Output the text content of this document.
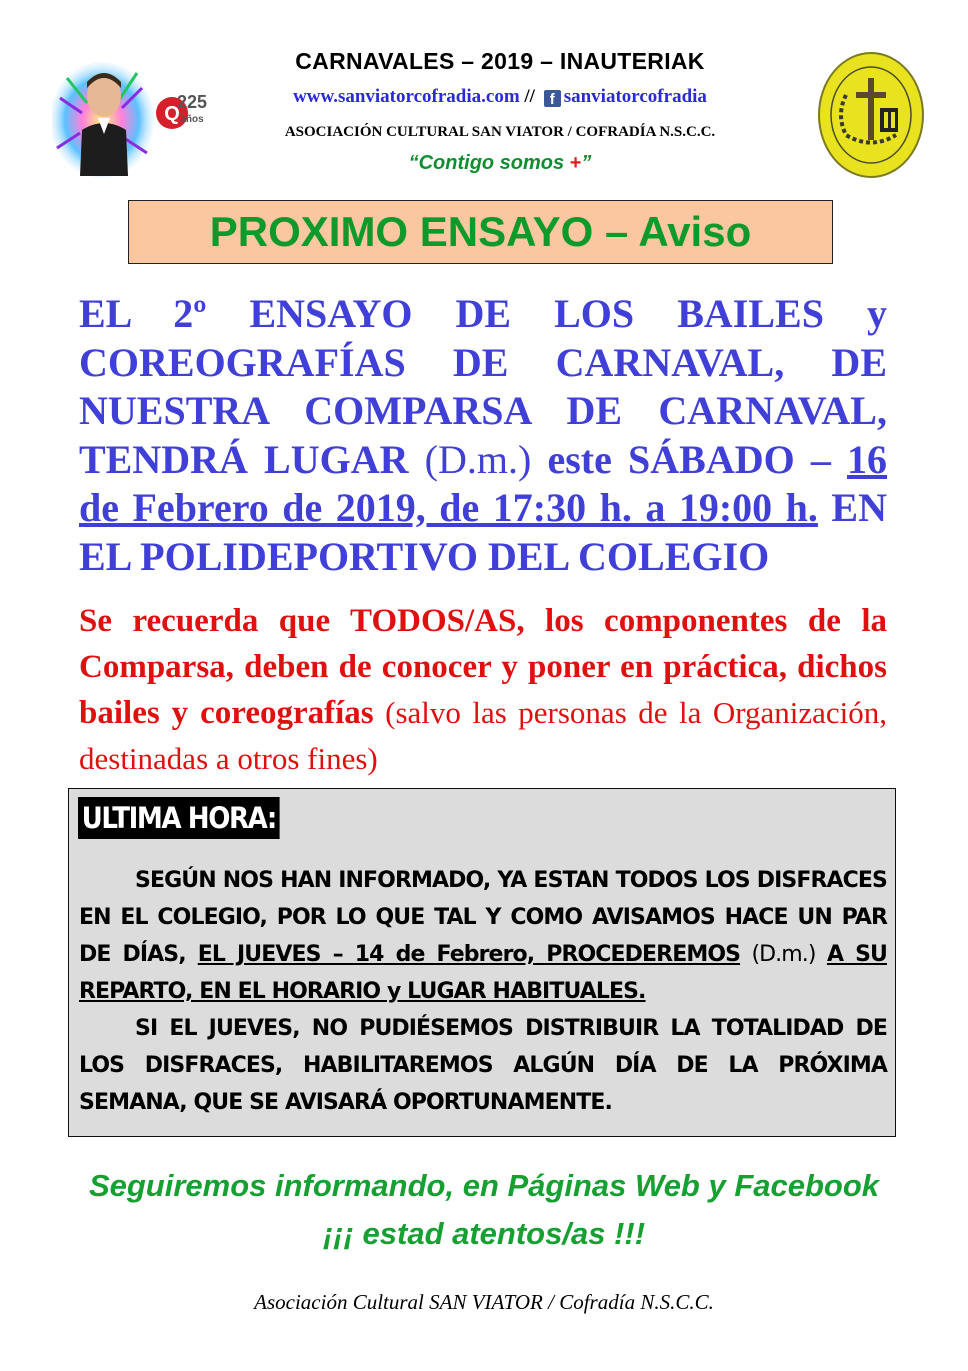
Q
225
años
CARNAVALES – 2019 – INAUTERIAK
www.sanviatorcofradia.com // f sanviatorcofradia
ASOCIACIÓN CULTURAL SAN VIATOR / COFRADÍA N.S.C.C.
“Contigo somos +”
PROXIMO ENSAYO – Aviso
EL 2º ENSAYO DE LOS BAILES y COREOGRAFÍAS DE CARNAVAL, DE NUESTRA COMPARSA DE CARNAVAL, TENDRÁ LUGAR (D.m.) este SÁBADO – 16 de Febrero de 2019, de 17:30 h. a 19:00 h. EN EL POLIDEPORTIVO DEL COLEGIO
Se recuerda que TODOS/AS, los componentes de la Comparsa, deben de conocer y poner en práctica, dichos bailes y coreografías (salvo las personas de la Organización, destinadas a otros fines)
ULTIMA HORA:

SEGÚN NOS HAN INFORMADO, YA ESTAN TODOS LOS DISFRACES EN EL COLEGIO, POR LO QUE TAL Y COMO AVISAMOS HACE UN PAR DE DÍAS, EL JUEVES – 14 de Febrero, PROCEDEREMOS (D.m.) A SU REPARTO, EN EL HORARIO y LUGAR HABITUALES.

SI EL JUEVES, NO PUDIÉSEMOS DISTRIBUIR LA TOTALIDAD DE LOS DISFRACES, HABILITAREMOS ALGÚN DÍA DE LA PRÓXIMA SEMANA, QUE SE AVISARÁ OPORTUNAMENTE.

Seguiremos informando, en Páginas Web y Facebook
¡¡¡ estad atentos/as !!!
Asociación Cultural SAN VIATOR / Cofradía N.S.C.C.
